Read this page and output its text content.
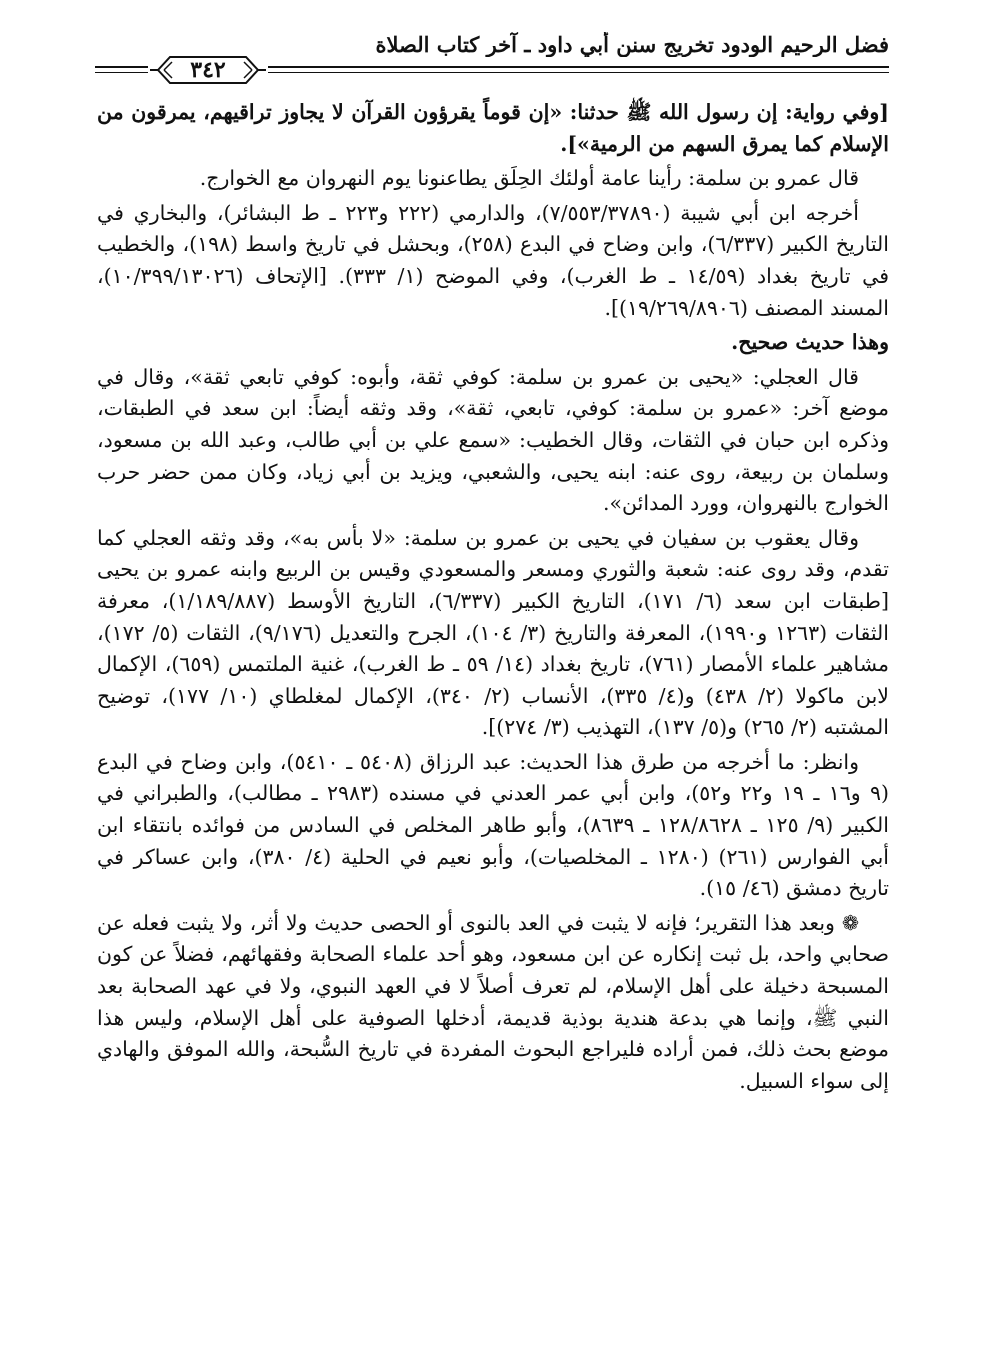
فضل الرحيم الودود تخريج سنن أبي داود ـ آخر كتاب الصلاة
٣٤٢

[وفي رواية: إن رسول الله ﷺ حدثنا: «إن قوماً يقرؤون القرآن لا يجاوز تراقيهم، يمرقون من الإسلام كما يمرق السهم من الرمية»].

قال عمرو بن سلمة: رأينا عامة أولئك الحِلَق يطاعنونا يوم النهروان مع الخوارج.

أخرجه ابن أبي شيبة (٧/٥٥٣/٣٧٨٩٠)، والدارمي (٢٢٢ و٢٢٣ ـ ط البشائر)، والبخاري في التاريخ الكبير (٦/٣٣٧)، وابن وضاح في البدع (٢٥٨)، وبحشل في تاريخ واسط (١٩٨)، والخطيب في تاريخ بغداد (١٤/٥٩ ـ ط الغرب)، وفي الموضح (١/ ٣٣٣). [الإتحاف (١٠/٣٩٩/١٣٠٢٦)، المسند المصنف (١٩/٢٦٩/٨٩٠٦)].

وهذا حديث صحيح.

قال العجلي: «يحيى بن عمرو بن سلمة: كوفي ثقة، وأبوه: كوفي تابعي ثقة»، وقال في موضع آخر: «عمرو بن سلمة: كوفي، تابعي، ثقة»، وقد وثقه أيضاً: ابن سعد في الطبقات، وذكره ابن حبان في الثقات، وقال الخطيب: «سمع علي بن أبي طالب، وعبد الله بن مسعود، وسلمان بن ربيعة، روى عنه: ابنه يحيى، والشعبي، ويزيد بن أبي زياد، وكان ممن حضر حرب الخوارج بالنهروان، وورد المدائن».

وقال يعقوب بن سفيان في يحيى بن عمرو بن سلمة: «لا بأس به»، وقد وثقه العجلي كما تقدم، وقد روى عنه: شعبة والثوري ومسعر والمسعودي وقيس بن الربيع وابنه عمرو بن يحيى [طبقات ابن سعد (٦/ ١٧١)، التاريخ الكبير (٦/٣٣٧)، التاريخ الأوسط (١/١٨٩/٨٨٧)، معرفة الثقات (١٢٦٣ و١٩٩٠)، المعرفة والتاريخ (٣/ ١٠٤)، الجرح والتعديل (٩/١٧٦)، الثقات (٥/ ١٧٢)، مشاهير علماء الأمصار (٧٦١)، تاريخ بغداد (١٤/ ٥٩ ـ ط الغرب)، غنية الملتمس (٦٥٩)، الإكمال لابن ماكولا (٢/ ٤٣٨) و(٤/ ٣٣٥)، الأنساب (٢/ ٣٤٠)، الإكمال لمغلطاي (١٠/ ١٧٧)، توضيح المشتبه (٢/ ٢٦٥) و(٥/ ١٣٧)، التهذيب (٣/ ٢٧٤)].

وانظر: ما أخرجه من طرق هذا الحديث: عبد الرزاق (٥٤٠٨ ـ ٥٤١٠)، وابن وضاح في البدع (٩ و١٦ ـ ١٩ و٢٢ و٥٢)، وابن أبي عمر العدني في مسنده (٢٩٨٣ ـ مطالب)، والطبراني في الكبير (٩/ ١٢٥ ـ ١٢٨/٨٦٢٨ ـ ٨٦٣٩)، وأبو طاهر المخلص في السادس من فوائده بانتقاء ابن أبي الفوارس (٢٦١) (١٢٨٠ ـ المخلصيات)، وأبو نعيم في الحلية (٤/ ٣٨٠)، وابن عساكر في تاريخ دمشق (٤٦/ ١٥).

❁ وبعد هذا التقرير؛ فإنه لا يثبت في العد بالنوى أو الحصى حديث ولا أثر، ولا يثبت فعله عن صحابي واحد، بل ثبت إنكاره عن ابن مسعود، وهو أحد علماء الصحابة وفقهائهم، فضلاً عن كون المسبحة دخيلة على أهل الإسلام، لم تعرف أصلاً لا في العهد النبوي، ولا في عهد الصحابة بعد النبي ﷺ، وإنما هي بدعة هندية بوذية قديمة، أدخلها الصوفية على أهل الإسلام، وليس هذا موضع بحث ذلك، فمن أراده فليراجع البحوث المفردة في تاريخ السُّبحة، والله الموفق والهادي إلى سواء السبيل.
